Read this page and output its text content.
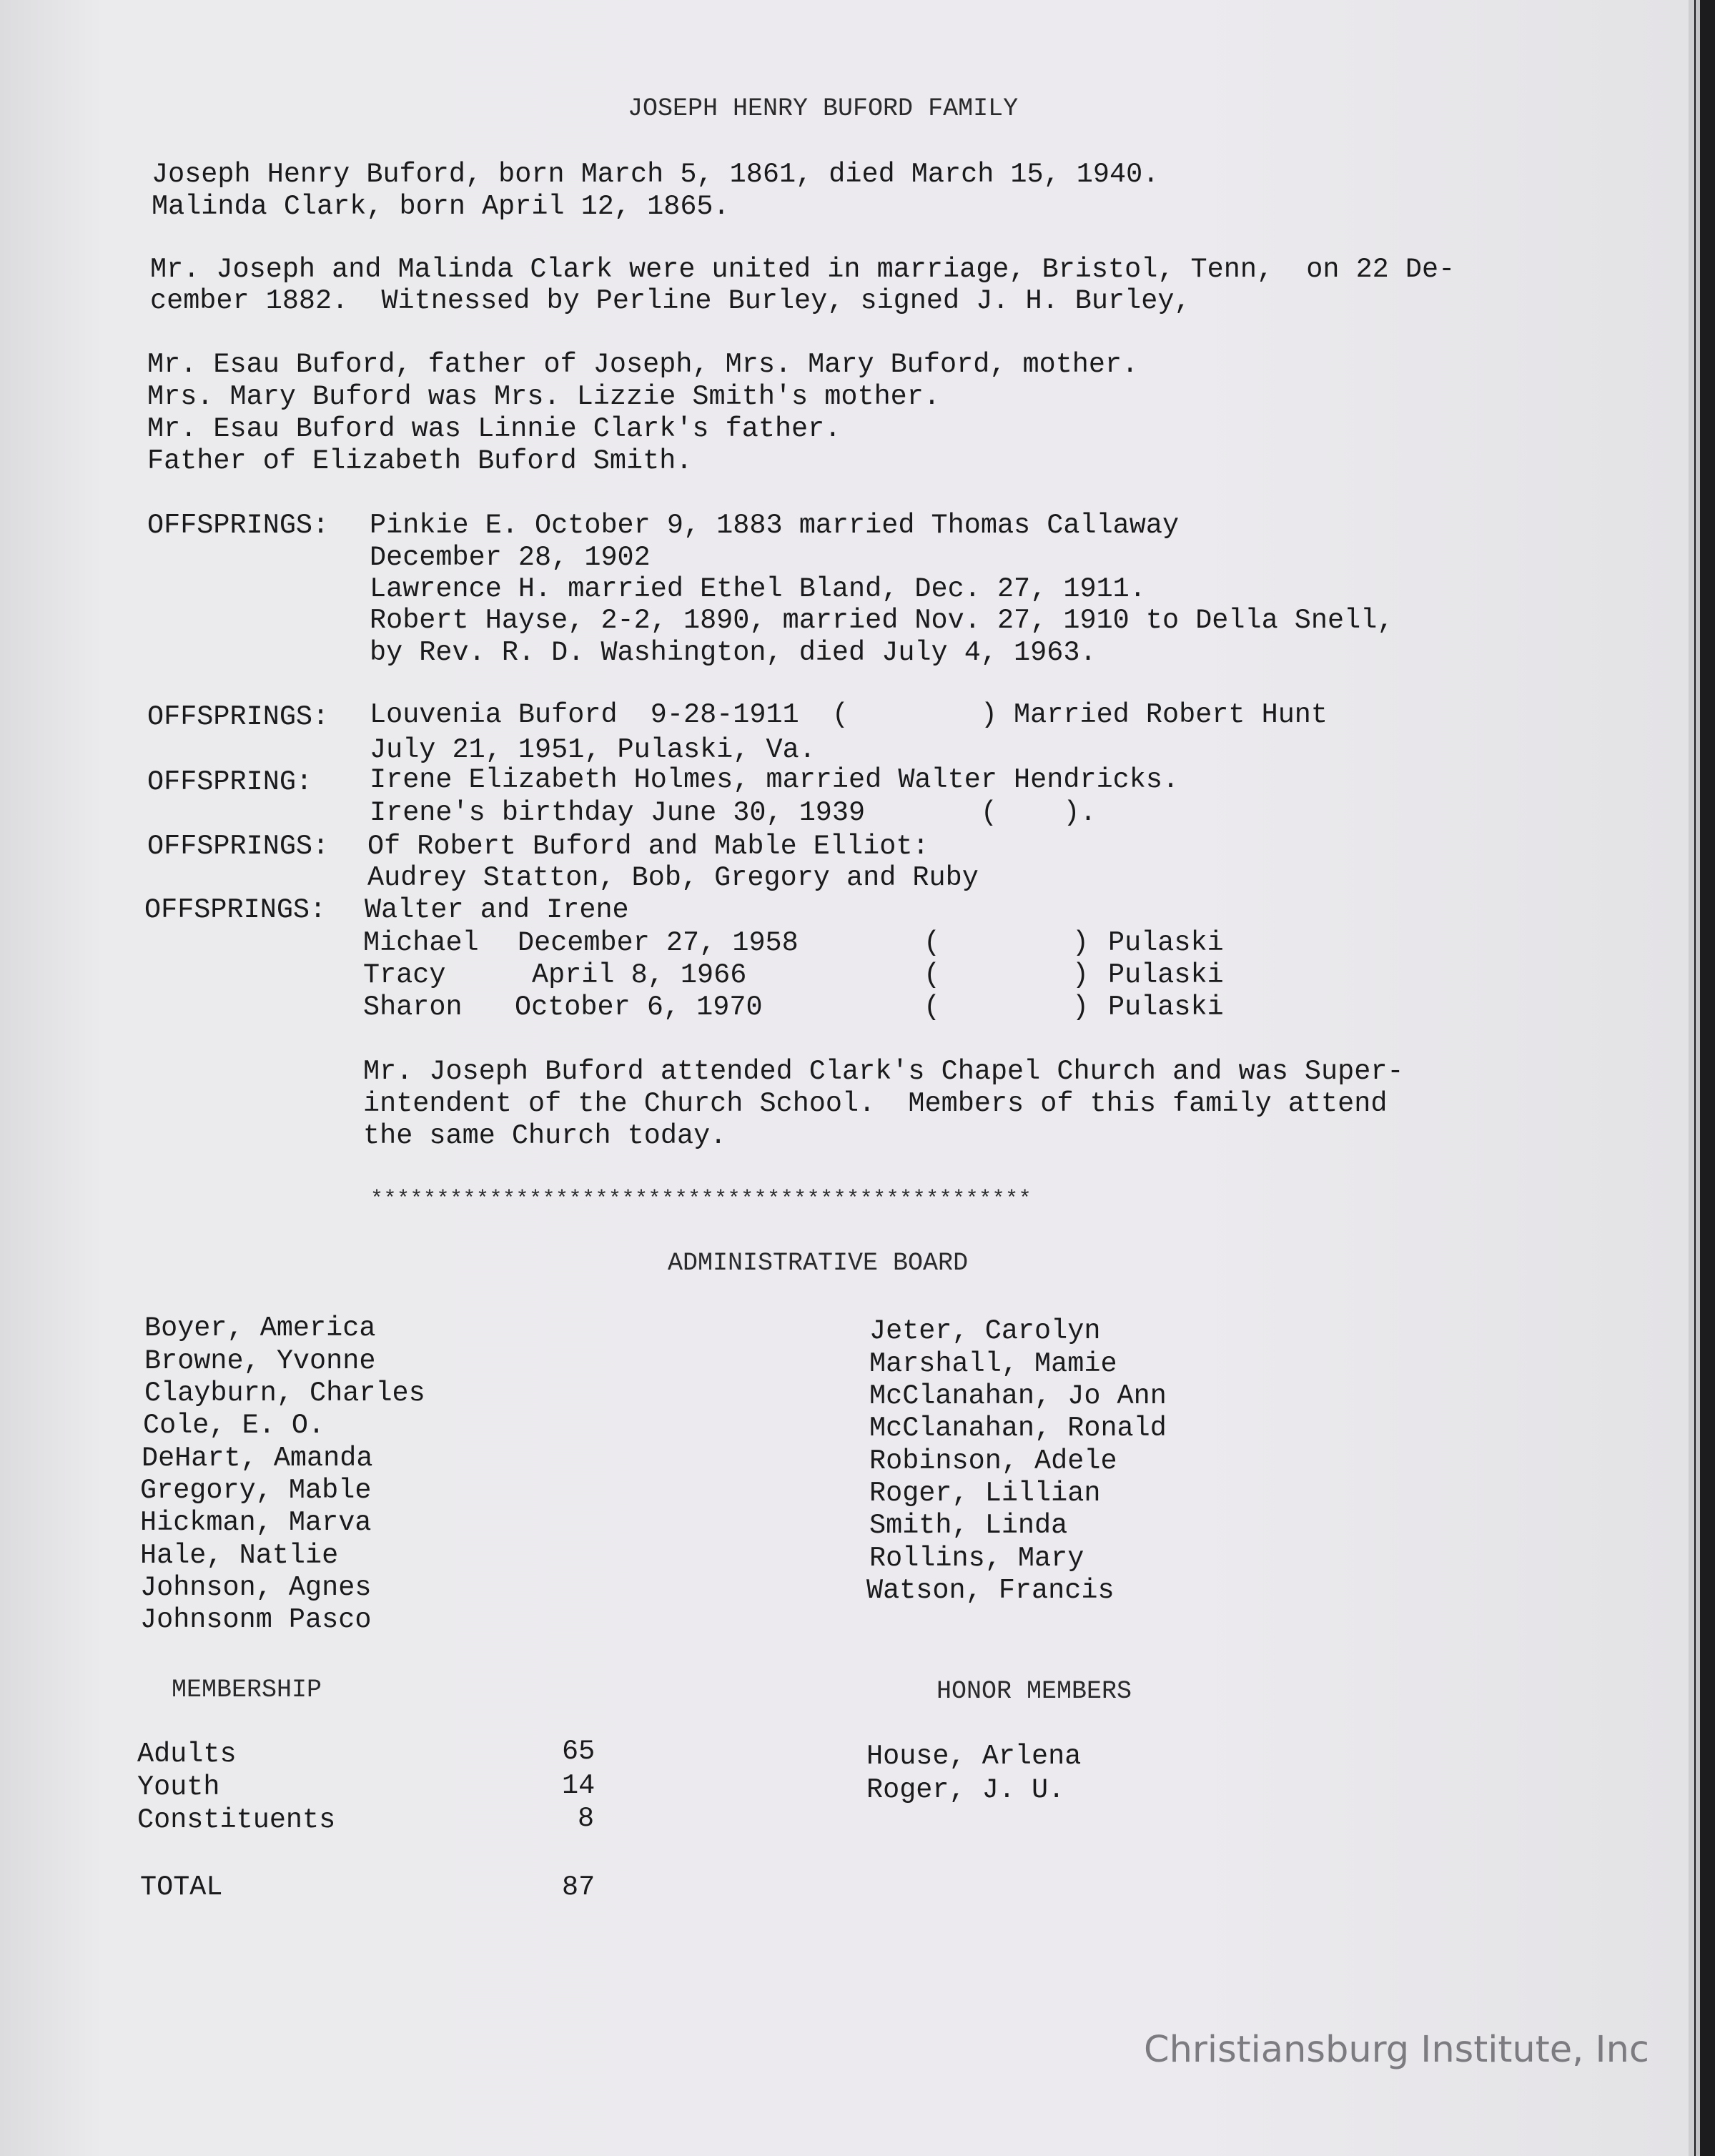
JOSEPH HENRY BUFORD FAMILY
Joseph Henry Buford, born March 5, 1861, died March 15, 1940.
Malinda Clark, born April 12, 1865.
Mr. Joseph and Malinda Clark were united in marriage, Bristol, Tenn,  on 22 De-
cember 1882.  Witnessed by Perline Burley, signed J. H. Burley,
Mr. Esau Buford, father of Joseph, Mrs. Mary Buford, mother.
Mrs. Mary Buford was Mrs. Lizzie Smith's mother.
Mr. Esau Buford was Linnie Clark's father.
Father of Elizabeth Buford Smith.
OFFSPRINGS: Pinkie E. October 9, 1883 married Thomas Callaway
December 28, 1902
Lawrence H. married Ethel Bland, Dec. 27, 1911.
Robert Hayse, 2-2, 1890, married Nov. 27, 1910 to Della Snell,
by Rev. R. D. Washington, died July 4, 1963.
OFFSPRINGS: Louvenia Buford  9-28-1911  (        ) Married Robert Hunt
July 21, 1951, Pulaski, Va.
OFFSPRING: Irene Elizabeth Holmes, married Walter Hendricks.
Irene's birthday June 30, 1939       (    ).
OFFSPRINGS: Of Robert Buford and Mable Elliot:
Audrey Statton, Bob, Gregory and Ruby
OFFSPRINGS: Walter and Irene
Michael December 27, 1958	(        ) Pulaski
Tracy	April 8, 1966	(        ) Pulaski
Sharon October 6, 1970	(        ) Pulaski
Mr. Joseph Buford attended Clark's Chapel Church and was Super-
intendent of the Church School.  Members of this family attend
the same Church today.
**************************************************
ADMINISTRATIVE BOARD
Boyer, America
Browne, Yvonne
Clayburn, Charles
Cole, E. O.
DeHart, Amanda
Gregory, Mable
Hickman, Marva
Hale, Natlie
Johnson, Agnes
Johnsonm Pasco
Jeter, Carolyn
Marshall, Mamie
McClanahan, Jo Ann
McClanahan, Ronald
Robinson, Adele
Roger, Lillian
Smith, Linda
Rollins, Mary
Watson, Francis
MEMBERSHIP
Adults	65
Youth	14
Constituents	8
TOTAL	87
HONOR MEMBERS
House, Arlena
Roger, J. U.
Christiansburg Institute, Inc
